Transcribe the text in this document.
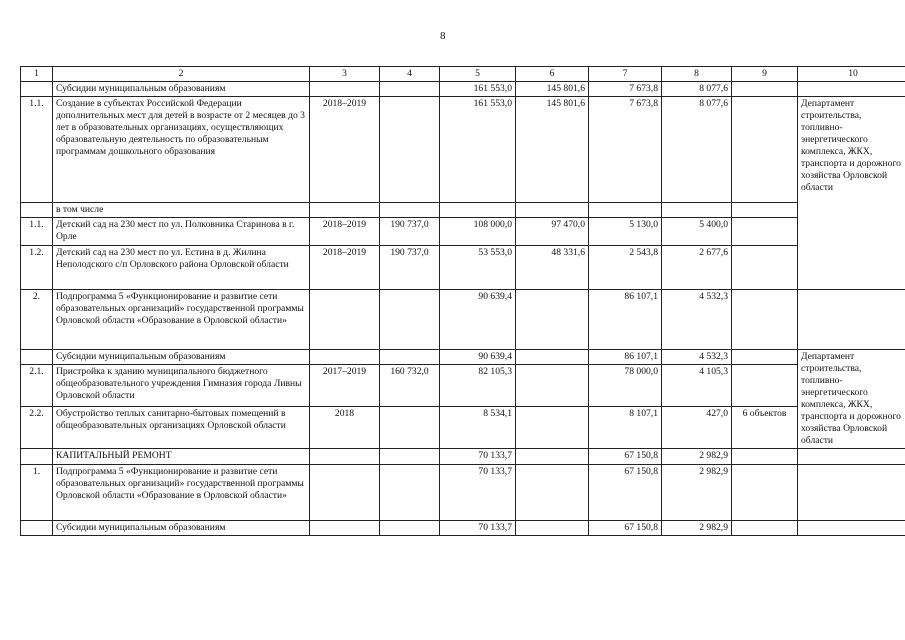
8
1	2	3	4	5	6	7	8	9	10
	Субсидии муниципальным образованиям			161 553,0	145 801,6	7 673,8	8 077,6		
1.1.	Создание в субъектах Российской Федерации дополнительных мест для детей в возрасте от 2 месяцев до 3 лет в образовательных организациях, осуществляющих образовательную деятельность по образовательным программам дошкольного образования	2018–2019		161 553,0	145 801,6	7 673,8	8 077,6		Департамент строительства, топливно-энергетического комплекса, ЖКХ, транспорта и дорожного хозяйства Орловской области
	в том числе								
1.1.	Детский сад на 230 мест по ул. Полковника Старинова в г. Орле	2018–2019	190 737,0	108 000,0	97 470,0	5 130,0	5 400,0		
1.2.	Детский сад на 230 мест по ул. Естина в д. Жилина Неполодского с/п Орловского района Орловской области	2018–2019	190 737,0	53 553,0	48 331,6	2 543,8	2 677,6		
2.	Подпрограмма 5 «Функционирование и развитие сети образовательных организаций» государственной программы Орловской области «Образование в Орловской области»			90 639,4		86 107,1	4 532,3		
	Субсидии муниципальным образованиям			90 639,4		86 107,1	4 532,3		Департамент строительства, топливно-энергетического комплекса, ЖКХ, транспорта и дорожного хозяйства Орловской области
2.1.	Пристройка к зданию муниципального бюджетного общеобразовательного учреждения Гимназия города Ливны Орловской области	2017–2019	160 732,0	82 105,3		78 000,0	4 105,3		
2.2.	Обустройство теплых санитарно-бытовых помещений в общеобразовательных организациях Орловской области	2018		8 534,1		8 107,1	427,0	6 объектов	
	КАПИТАЛЬНЫЙ РЕМОНТ			70 133,7		67 150,8	2 982,9		
1.	Подпрограмма 5 «Функционирование и развитие сети образовательных организаций» государственной программы Орловской области «Образование в Орловской области»			70 133,7		67 150,8	2 982,9		
	Субсидии муниципальным образованиям			70 133,7		67 150,8	2 982,9		
